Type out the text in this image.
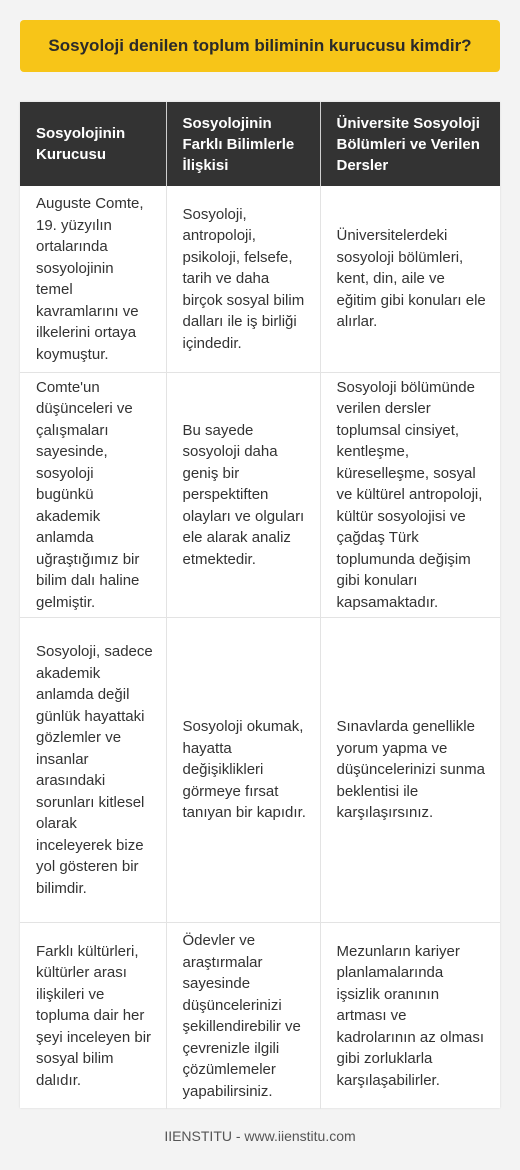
Sosyoloji denilen toplum biliminin kurucusu kimdir?
Sosyolojinin Kurucusu	Sosyolojinin Farklı Bilimlerle İlişkisi	Üniversite Sosyoloji Bölümleri ve Verilen Dersler
Auguste Comte, 19. yüzyılın ortalarında sosyolojinin temel kavramlarını ve ilkelerini ortaya koymuştur.	Sosyoloji, antropoloji, psikoloji, felsefe, tarih ve daha birçok sosyal bilim dalları ile iş birliği içindedir.	Üniversitelerdeki sosyoloji bölümleri, kent, din, aile ve eğitim gibi konuları ele alırlar.
Comte'un düşünceleri ve çalışmaları sayesinde, sosyoloji bugünkü akademik anlamda uğraştığımız bir bilim dalı haline gelmiştir.	Bu sayede sosyoloji daha geniş bir perspektiften olayları ve olguları ele alarak analiz etmektedir.	Sosyoloji bölümünde verilen dersler toplumsal cinsiyet, kentleşme, küreselleşme, sosyal ve kültürel antropoloji, kültür sosyolojisi ve çağdaş Türk toplumunda değişim gibi konuları kapsamaktadır.
Sosyoloji, sadece akademik anlamda değil günlük hayattaki gözlemler ve insanlar arasındaki sorunları kitlesel olarak inceleyerek bize yol gösteren bir bilimdir.	Sosyoloji okumak, hayatta değişiklikleri görmeye fırsat tanıyan bir kapıdır.	Sınavlarda genellikle yorum yapma ve düşüncelerinizi sunma beklentisi ile karşılaşırsınız.
Farklı kültürleri, kültürler arası ilişkileri ve topluma dair her şeyi inceleyen bir sosyal bilim dalıdır.	Ödevler ve araştırmalar sayesinde düşüncelerinizi şekillendirebilir ve çevrenizle ilgili çözümlemeler yapabilirsiniz.	Mezunların kariyer planlamalarında işsizlik oranının artması ve kadrolarının az olması gibi zorluklarla karşılaşabilirler.
IIENSTITU - www.iienstitu.com
